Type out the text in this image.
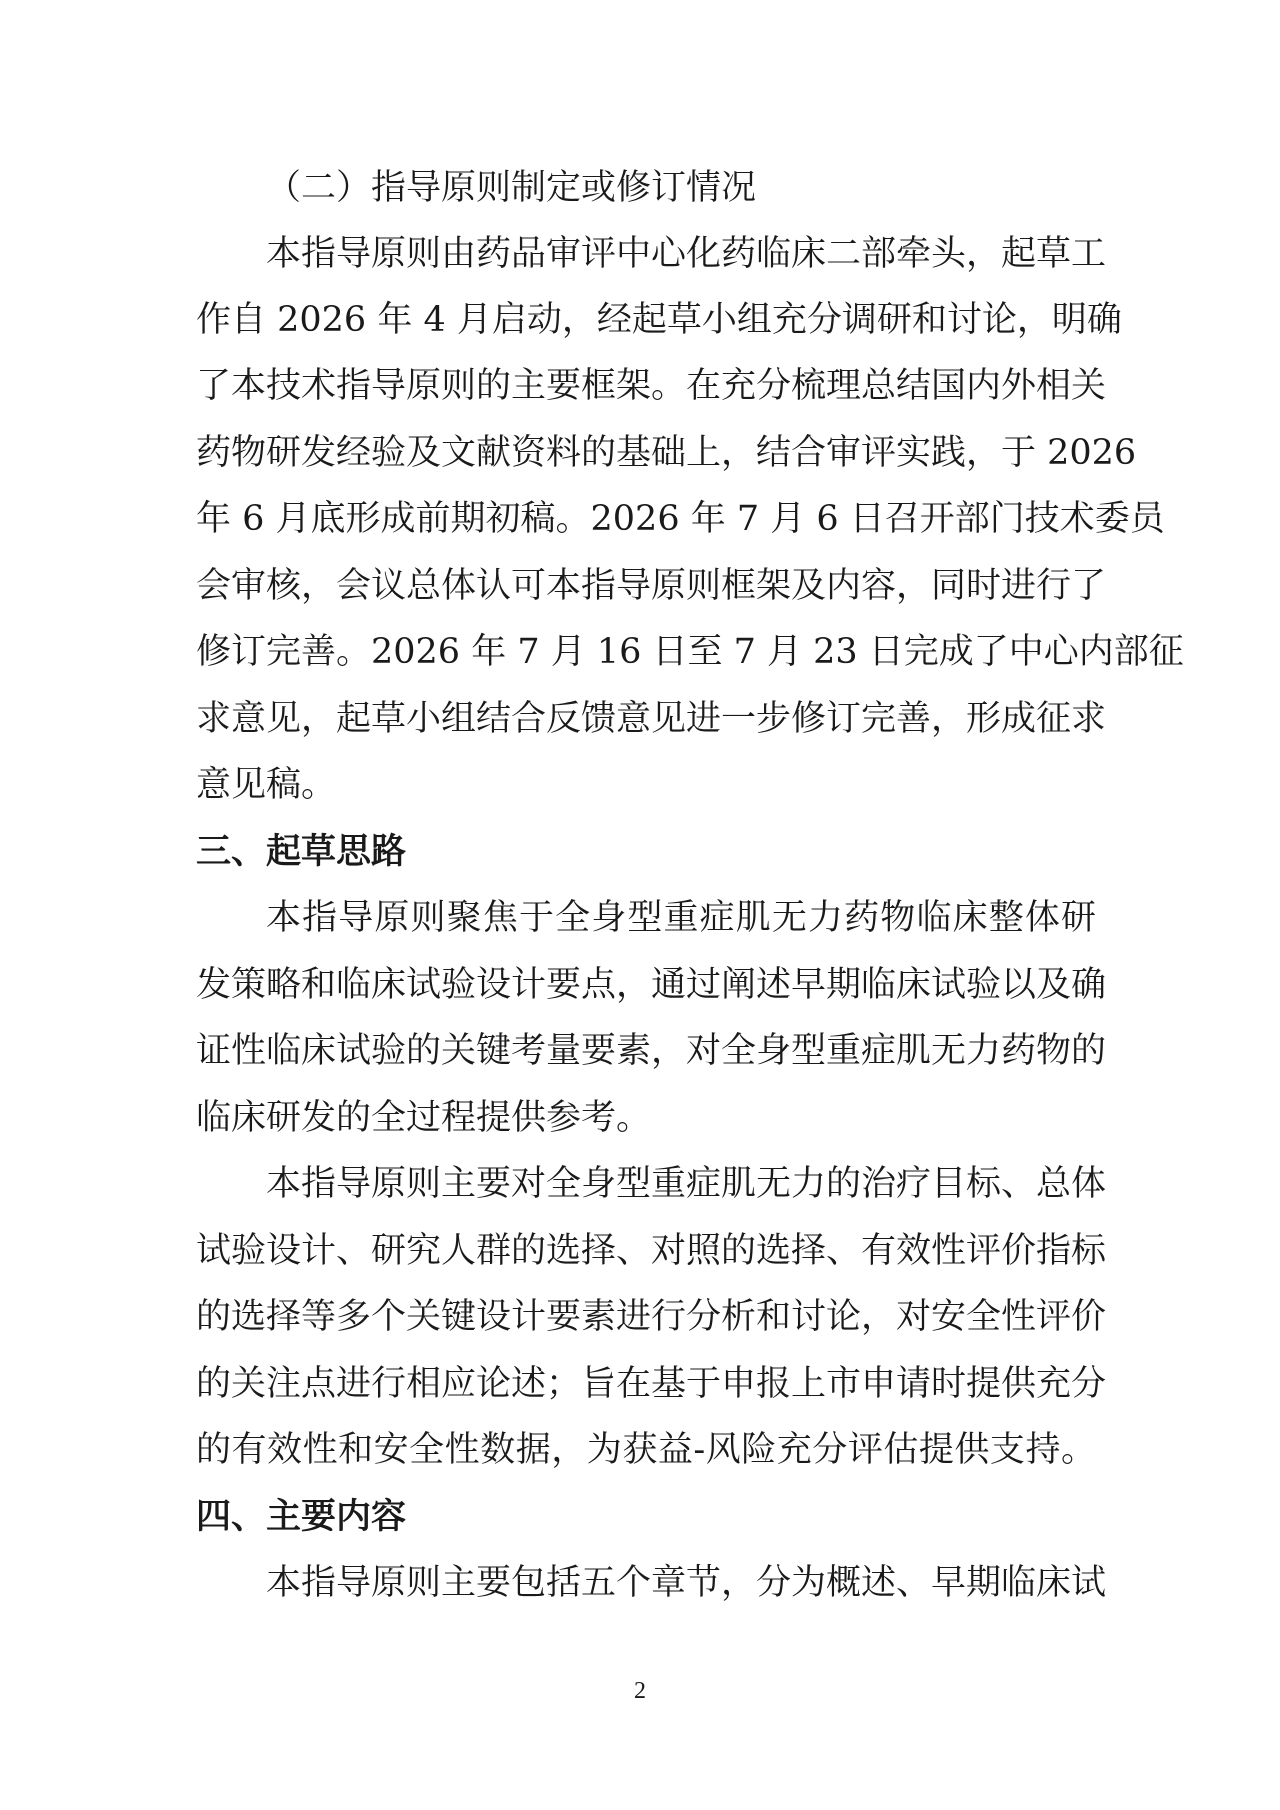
（二）指导原则制定或修订情况
本指导原则由药品审评中心化药临床二部牵头，起草工
作自 2026 年 4 月启动，经起草小组充分调研和讨论，明确
了本技术指导原则的主要框架。在充分梳理总结国内外相关
药物研发经验及文献资料的基础上，结合审评实践，于 2026
年 6 月底形成前期初稿。2026 年 7 月 6 日召开部门技术委员
会审核，会议总体认可本指导原则框架及内容，同时进行了
修订完善。2026 年 7 月 16 日至 7 月 23 日完成了中心内部征
求意见，起草小组结合反馈意见进一步修订完善，形成征求
意见稿。
三、起草思路
本指导原则聚焦于全身型重症肌无力药物临床整体研
发策略和临床试验设计要点，通过阐述早期临床试验以及确
证性临床试验的关键考量要素，对全身型重症肌无力药物的
临床研发的全过程提供参考。
本指导原则主要对全身型重症肌无力的治疗目标、总体
试验设计、研究人群的选择、对照的选择、有效性评价指标
的选择等多个关键设计要素进行分析和讨论，对安全性评价
的关注点进行相应论述；旨在基于申报上市申请时提供充分
的有效性和安全性数据，为获益-风险充分评估提供支持。
四、主要内容
本指导原则主要包括五个章节，分为概述、早期临床试
2
